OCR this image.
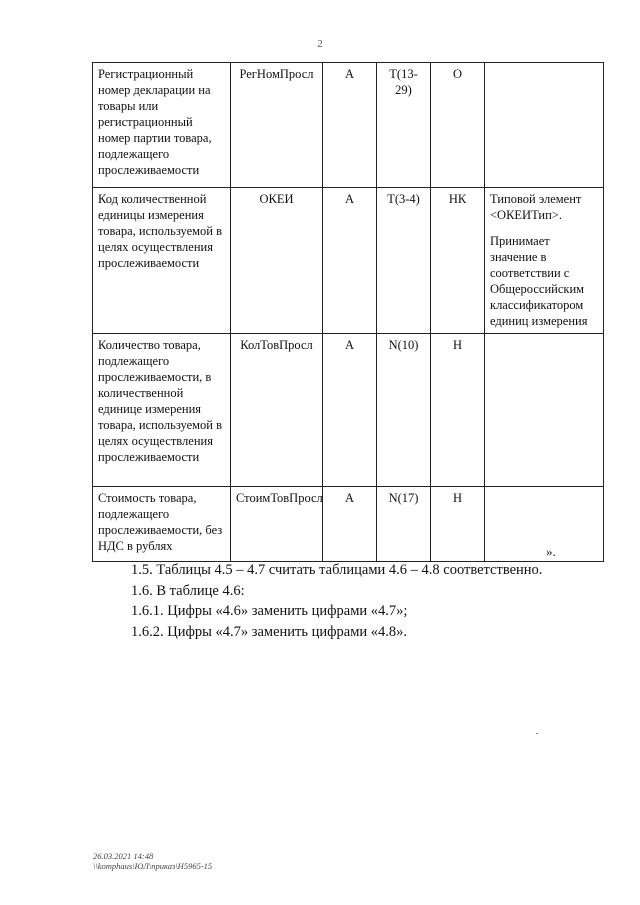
2
Регистрационный номер декларации на товары или регистрационный номер партии товара, подлежащего прослеживаемости	РегНомПросл	А	Т(13-29)	О	
Код количественной единицы измерения товара, используемой в целях осуществления прослеживаемости	ОКЕИ	А	Т(3-4)	НК	Типовой элемент <ОКЕИТип>.
Принимает значение в соответствии с Общероссийским классификатором единиц измерения

Количество товара, подлежащего прослеживаемости, в количественной единице измерения товара, используемой в целях осуществления прослеживаемости	КолТовПросл	А	N(10)	Н	
Стоимость товара, подлежащего прослеживаемости, без НДС в рублях	СтоимТовПросл	А	N(17)	Н	
».
1.5. Таблицы 4.5 – 4.7 считать таблицами 4.6 – 4.8 соответственно.
1.6. В таблице 4.6:
1.6.1. Цифры «4.6» заменить цифрами «4.7»;
1.6.2. Цифры «4.7» заменить цифрами «4.8».
26.03.2021 14:48
\\komphaus\ЮЛ\приказ\Н5965-15
